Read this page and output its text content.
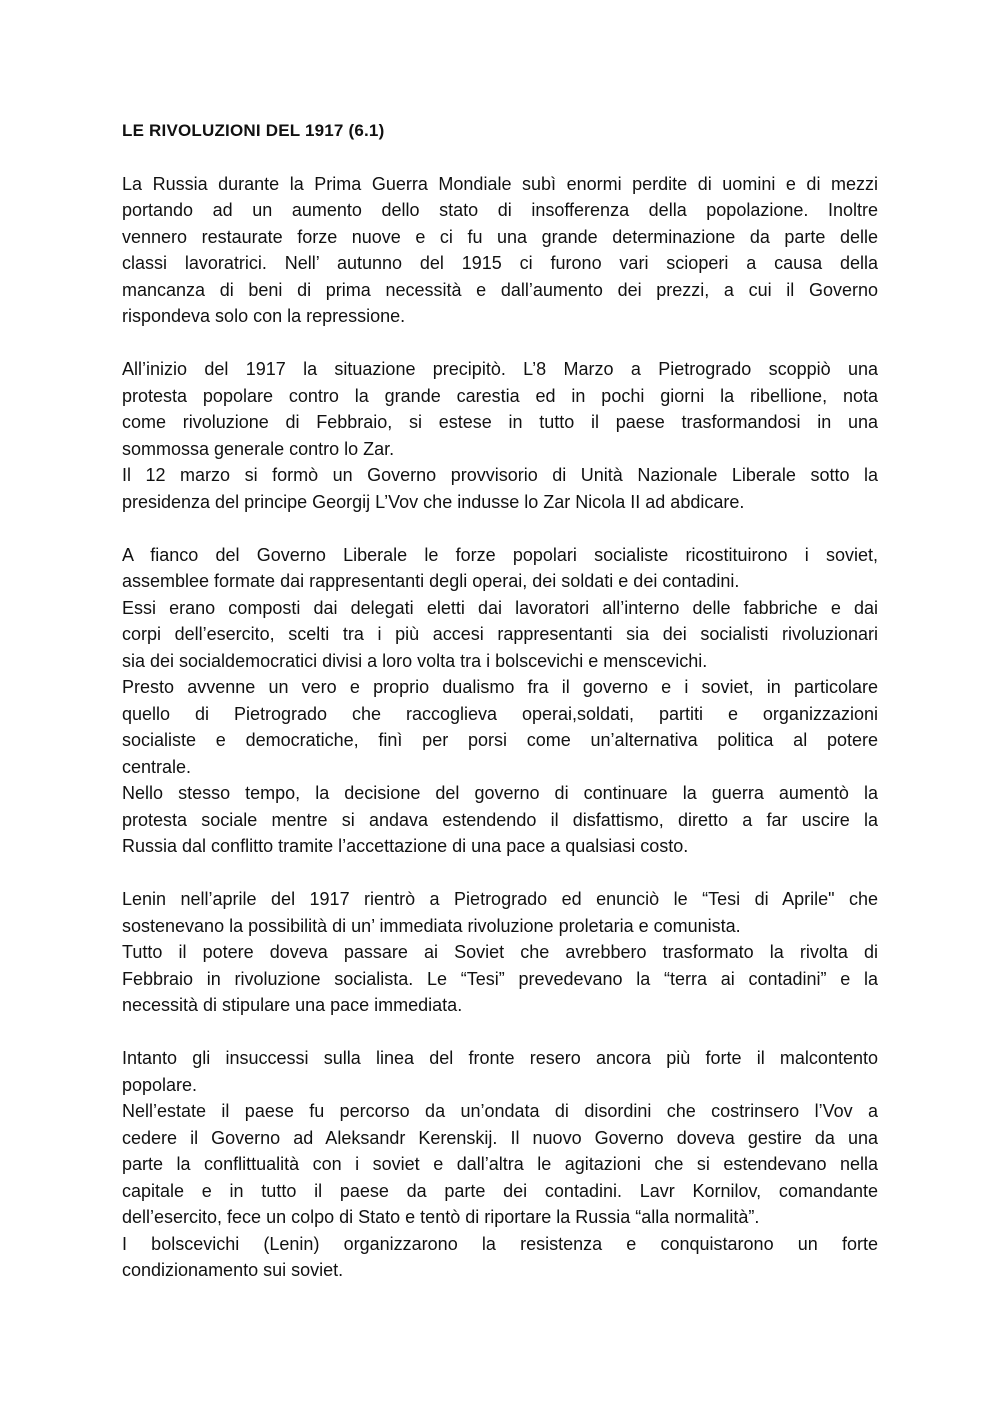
LE RIVOLUZIONI DEL 1917 (6.1)
La Russia durante la Prima Guerra Mondiale subì enormi perdite di uomini e di mezzi
portando ad un aumento dello stato di insofferenza della popolazione. Inoltre
vennero restaurate forze nuove e ci fu una grande determinazione da parte delle
classi lavoratrici. Nell’ autunno del 1915 ci furono vari scioperi a causa della
mancanza di beni di prima necessità e dall’aumento dei prezzi, a cui il Governo
rispondeva solo con la repressione.
All’inizio del 1917 la situazione precipitò. L’8 Marzo a Pietrogrado scoppiò una
protesta popolare contro la grande carestia ed in pochi giorni la ribellione, nota
come rivoluzione di Febbraio, si estese in tutto il paese trasformandosi in una
sommossa generale contro lo Zar.
Il 12 marzo si formò un Governo provvisorio di Unità Nazionale Liberale sotto la
presidenza del principe Georgij L’Vov che indusse lo Zar Nicola II ad abdicare.
A fianco del Governo Liberale le forze popolari socialiste ricostituirono i soviet,
assemblee formate dai rappresentanti degli operai, dei soldati e dei contadini.
Essi erano composti dai delegati eletti dai lavoratori all’interno delle fabbriche e dai
corpi dell’esercito, scelti tra i più accesi rappresentanti sia dei socialisti rivoluzionari
sia dei socialdemocratici divisi a loro volta tra i bolscevichi e menscevichi.
Presto avvenne un vero e proprio dualismo fra il governo e i soviet, in particolare
quello di Pietrogrado che raccoglieva operai,soldati, partiti e organizzazioni
socialiste e democratiche, finì per porsi come un’alternativa politica al potere
centrale.
Nello stesso tempo, la decisione del governo di continuare la guerra aumentò la
protesta sociale mentre si andava estendendo il disfattismo, diretto a far uscire la
Russia dal conflitto tramite l’accettazione di una pace a qualsiasi costo.
Lenin nell’aprile del 1917 rientrò a Pietrogrado ed enunciò le “Tesi di Aprile" che
sostenevano la possibilità di un’ immediata rivoluzione proletaria e comunista.
Tutto il potere doveva passare ai Soviet che avrebbero trasformato la rivolta di
Febbraio in rivoluzione socialista. Le “Tesi” prevedevano la “terra ai contadini” e la
necessità di stipulare una pace immediata.
Intanto gli insuccessi sulla linea del fronte resero ancora più forte il malcontento
popolare.
Nell’estate il paese fu percorso da un’ondata di disordini che costrinsero l’Vov a
cedere il Governo ad Aleksandr Kerenskij. Il nuovo Governo doveva gestire da una
parte la conflittualità con i soviet e dall’altra le agitazioni che si estendevano nella
capitale e in tutto il paese da parte dei contadini. Lavr Kornilov, comandante
dell’esercito, fece un colpo di Stato e tentò di riportare la Russia “alla normalità”.
I bolscevichi (Lenin) organizzarono la resistenza e conquistarono un forte
condizionamento sui soviet.
